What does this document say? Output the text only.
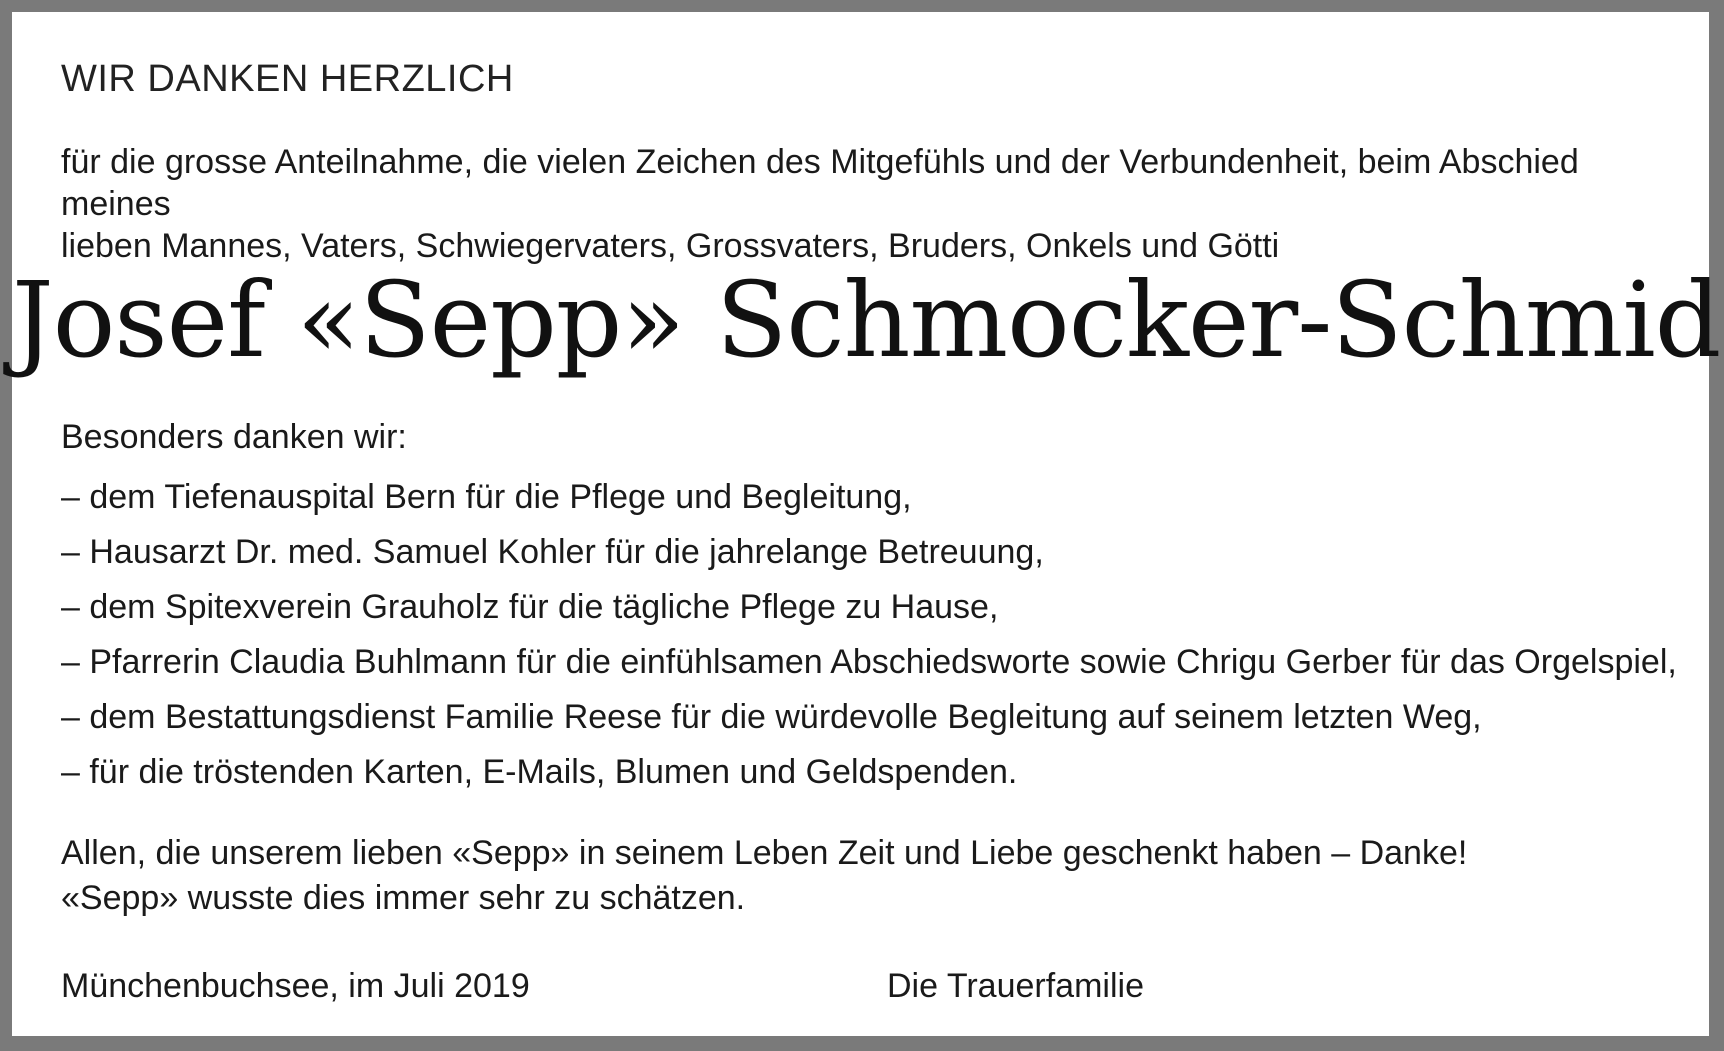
WIR DANKEN HERZLICH
für die grosse Anteilnahme, die vielen Zeichen des Mitgefühls und der Verbundenheit, beim Abschied meines
lieben Mannes, Vaters, Schwiegervaters, Grossvaters, Bruders, Onkels und Götti
Josef «Sepp» Schmocker-Schmid
Besonders danken wir:
– dem Tiefenauspital Bern für die Pflege und Begleitung,
– Hausarzt Dr. med. Samuel Kohler für die jahrelange Betreuung,
– dem Spitexverein Grauholz für die tägliche Pflege zu Hause,
– Pfarrerin Claudia Buhlmann für die einfühlsamen Abschiedsworte sowie Chrigu Gerber für das Orgelspiel,
– dem Bestattungsdienst Familie Reese für die würdevolle Begleitung auf seinem letzten Weg,
– für die tröstenden Karten, E-Mails, Blumen und Geldspenden.
Allen, die unserem lieben «Sepp» in seinem Leben Zeit und Liebe geschenkt haben – Danke!
«Sepp» wusste dies immer sehr zu schätzen.
Münchenbuchsee, im Juli 2019	Die Trauerfamilie
